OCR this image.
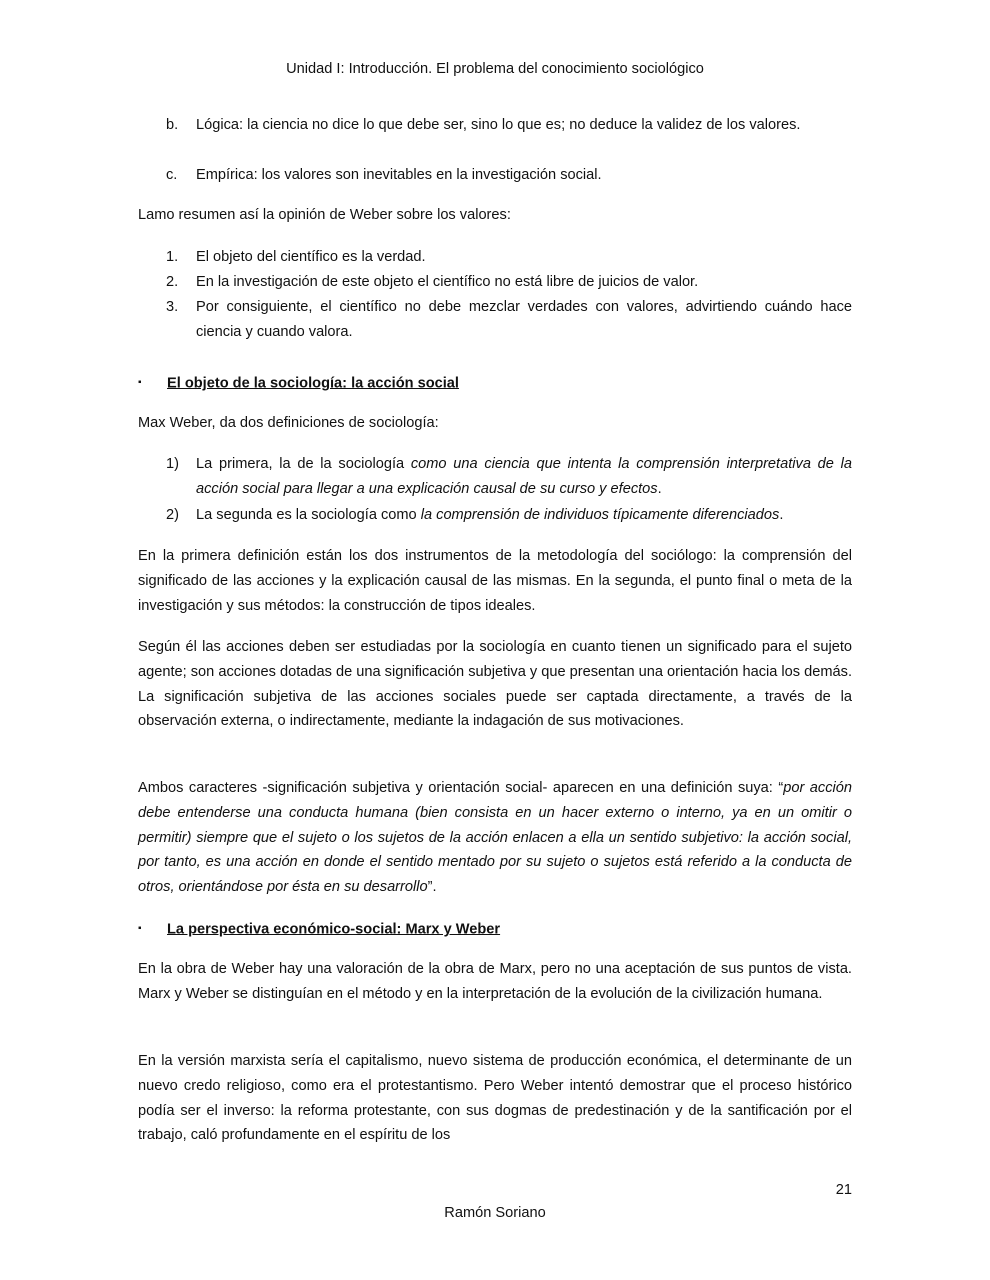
Unidad I: Introducción. El problema del conocimiento sociológico
b. Lógica: la ciencia no dice lo que debe ser, sino lo que es; no deduce la validez de los valores.
c. Empírica: los valores son inevitables en la investigación social.
Lamo resumen así la opinión de Weber sobre los valores:
1. El objeto del científico es la verdad.
2. En la investigación de este objeto el científico no está libre de juicios de valor.
3. Por consiguiente, el científico no debe mezclar verdades con valores, advirtiendo cuándo hace ciencia y cuando valora.
▪ El objeto de la sociología: la acción social
Max Weber, da dos definiciones de sociología:
1) La primera, la de la sociología como una ciencia que intenta la comprensión interpretativa de la acción social para llegar a una explicación causal de su curso y efectos.
2) La segunda es la sociología como la comprensión de individuos típicamente diferenciados.
En la primera definición están los dos instrumentos de la metodología del sociólogo: la comprensión del significado de las acciones y la explicación causal de las mismas. En la segunda, el punto final o meta de la investigación y sus métodos: la construcción de tipos ideales.
Según él las acciones deben ser estudiadas por la sociología en cuanto tienen un significado para el sujeto agente; son acciones dotadas de una significación subjetiva y que presentan una orientación hacia los demás. La significación subjetiva de las acciones sociales puede ser captada directamente, a través de la observación externa, o indirectamente, mediante la indagación de sus motivaciones.
Ambos caracteres -significación subjetiva y orientación social- aparecen en una definición suya: “por acción debe entenderse una conducta humana (bien consista en un hacer externo o interno, ya en un omitir o permitir) siempre que el sujeto o los sujetos de la acción enlacen a ella un sentido subjetivo: la acción social, por tanto, es una acción en donde el sentido mentado por su sujeto o sujetos está referido a la conducta de otros, orientándose por ésta en su desarrollo”.
▪ La perspectiva económico-social: Marx y Weber
En la obra de Weber hay una valoración de la obra de Marx, pero no una aceptación de sus puntos de vista. Marx y Weber se distinguían en el método y en la interpretación de la evolución de la civilización humana.
En la versión marxista sería el capitalismo, nuevo sistema de producción económica, el determinante de un nuevo credo religioso, como era el protestantismo. Pero Weber intentó demostrar que el proceso histórico podía ser el inverso: la reforma protestante, con sus dogmas de predestinación y de la santificación por el trabajo, caló profundamente en el espíritu de los
21
Ramón Soriano
